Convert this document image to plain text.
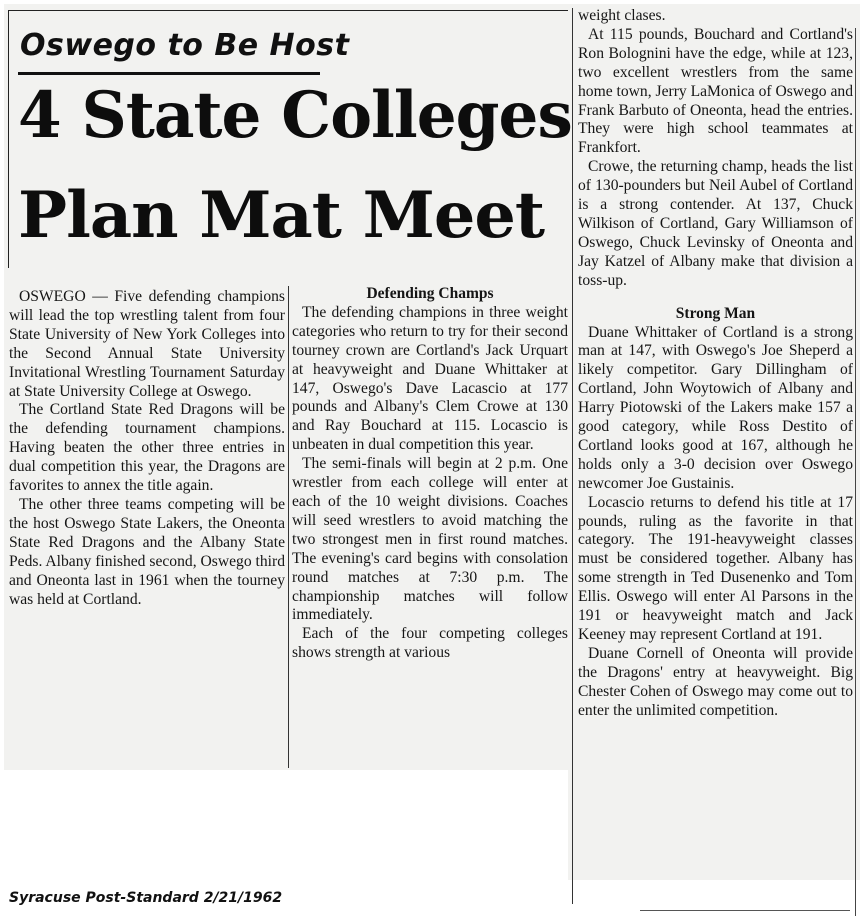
Oswego to Be Host
4 State Colleges
Plan Mat Meet

OSWEGO — Five defending champions will lead the top wrestling talent from four State University of New York Colleges into the Second Annual State University Invitational Wrestling Tournament Saturday at State University College at Oswego.

The Cortland State Red Dragons will be the defending tournament champions. Having beaten the other three entries in dual competition this year, the Dragons are favorites to annex the title again.

The other three teams competing will be the host Oswego State Lakers, the Oneonta State Red Dragons and the Albany State Peds. Albany finished second, Oswego third and Oneonta last in 1961 when the tourney was held at Cortland.

Defending Champs

The defending champions in three weight categories who return to try for their second tourney crown are Cortland's Jack Urquart at heavyweight and Duane Whittaker at 147, Oswego's Dave Lacascio at 177 pounds and Albany's Clem Crowe at 130 and Ray Bouchard at 115. Locascio is unbeaten in dual competition this year.

The semi-finals will begin at 2 p.m. One wrestler from each college will enter at each of the 10 weight divisions. Coaches will seed wrestlers to avoid matching the two strongest men in first round matches. The evening's card begins with consolation round matches at 7:30 p.m. The championship matches will follow immediately.

Each of the four competing colleges shows strength at various

weight clases.

At 115 pounds, Bouchard and Cortland's Ron Bolognini have the edge, while at 123, two excellent wrestlers from the same home town, Jerry LaMonica of Oswego and Frank Barbuto of Oneonta, head the entries. They were high school teammates at Frankfort.

Crowe, the returning champ, heads the list of 130-pounders but Neil Aubel of Cortland is a strong contender. At 137, Chuck Wilkison of Cortland, Gary Williamson of Oswego, Chuck Levinsky of Oneonta and Jay Katzel of Albany make that division a toss-up.

Strong Man

Duane Whittaker of Cortland is a strong man at 147, with Oswego's Joe Sheperd a likely competitor. Gary Dillingham of Cortland, John Woytowich of Albany and Harry Piotowski of the Lakers make 157 a good category, while Ross Destito of Cortland looks good at 167, although he holds only a 3-0 decision over Oswego newcomer Joe Gustainis.

Locascio returns to defend his title at 17 pounds, ruling as the favorite in that category. The 191-heavyweight classes must be considered together. Albany has some strength in Ted Dusenenko and Tom Ellis. Oswego will enter Al Parsons in the 191 or heavyweight match and Jack Keeney may represent Cortland at 191.

Duane Cornell of Oneonta will provide the Dragons' entry at heavyweight. Big Chester Cohen of Oswego may come out to enter the unlimited competition.

Syracuse Post-Standard 2/21/1962
